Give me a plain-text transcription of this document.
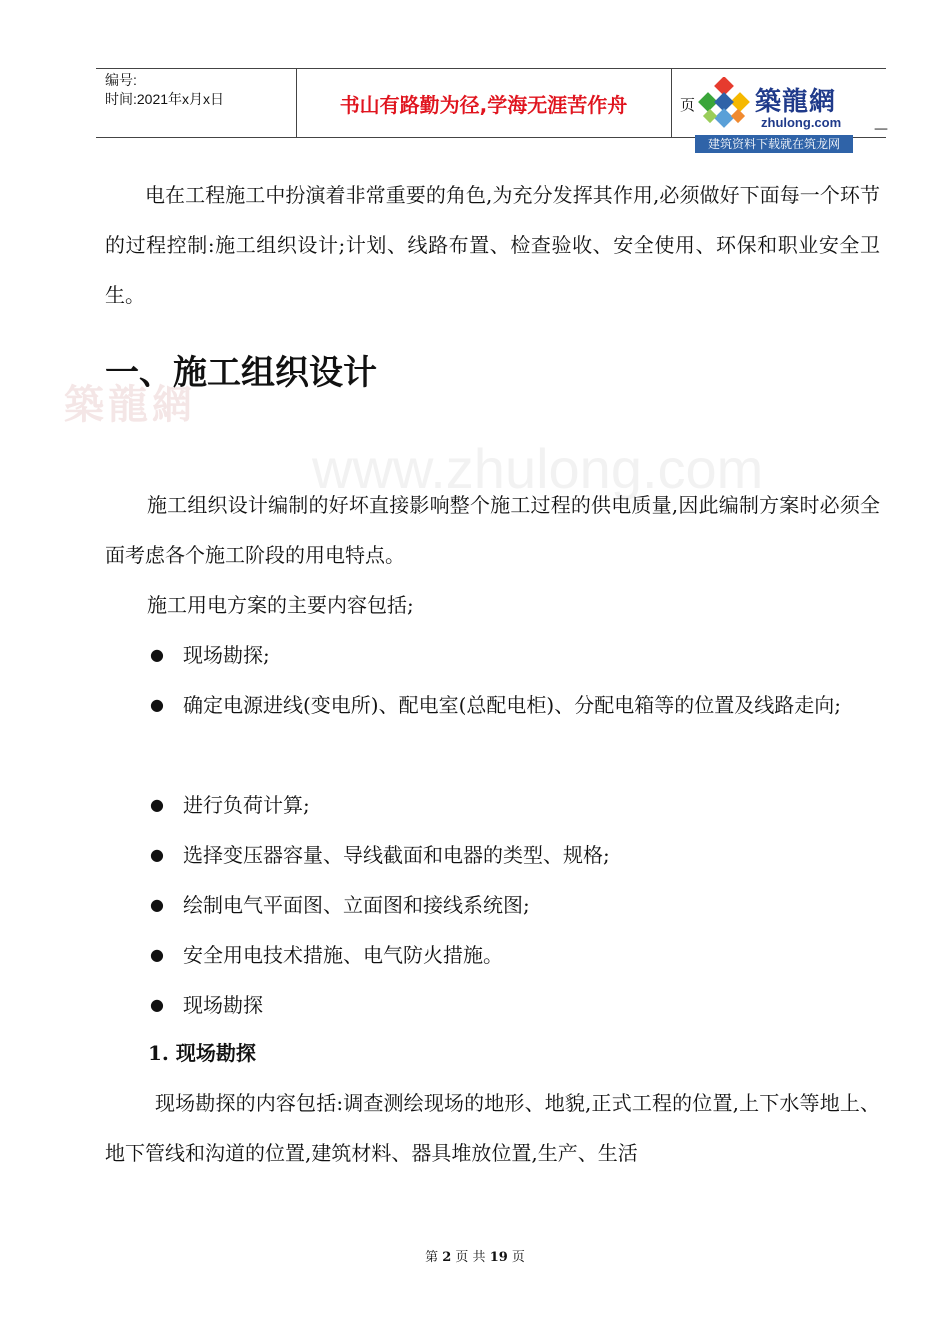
编号:
时间:2021年x月x日	书山有路勤为径,学海无涯苦作舟	页 築龍網
zhulong.com
建筑资料下载就在筑龙网
—
築龍網
www.zhulong.com
电在工程施工中扮演着非常重要的角色,为充分发挥其作用,必须做好下面每一个环节的过程控制:施工组织设计;计划、线路布置、检查验收、安全使用、环保和职业安全卫生。
一、施工组织设计
施工组织设计编制的好坏直接影响整个施工过程的供电质量,因此编制方案时必须全面考虑各个施工阶段的用电特点。
施工用电方案的主要内容包括;
● 现场勘探;
● 确定电源进线(变电所)、配电室(总配电柜)、分配电箱等的位置及线路走向;
● 进行负荷计算;
● 选择变压器容量、导线截面和电器的类型、规格;
● 绘制电气平面图、立面图和接线系统图;
● 安全用电技术措施、电气防火措施。
● 现场勘探
1. 现场勘探
现场勘探的内容包括:调查测绘现场的地形、地貌,正式工程的位置,上下水等地上、地下管线和沟道的位置,建筑材料、器具堆放位置,生产、生活
第 2 页 共 19 页
